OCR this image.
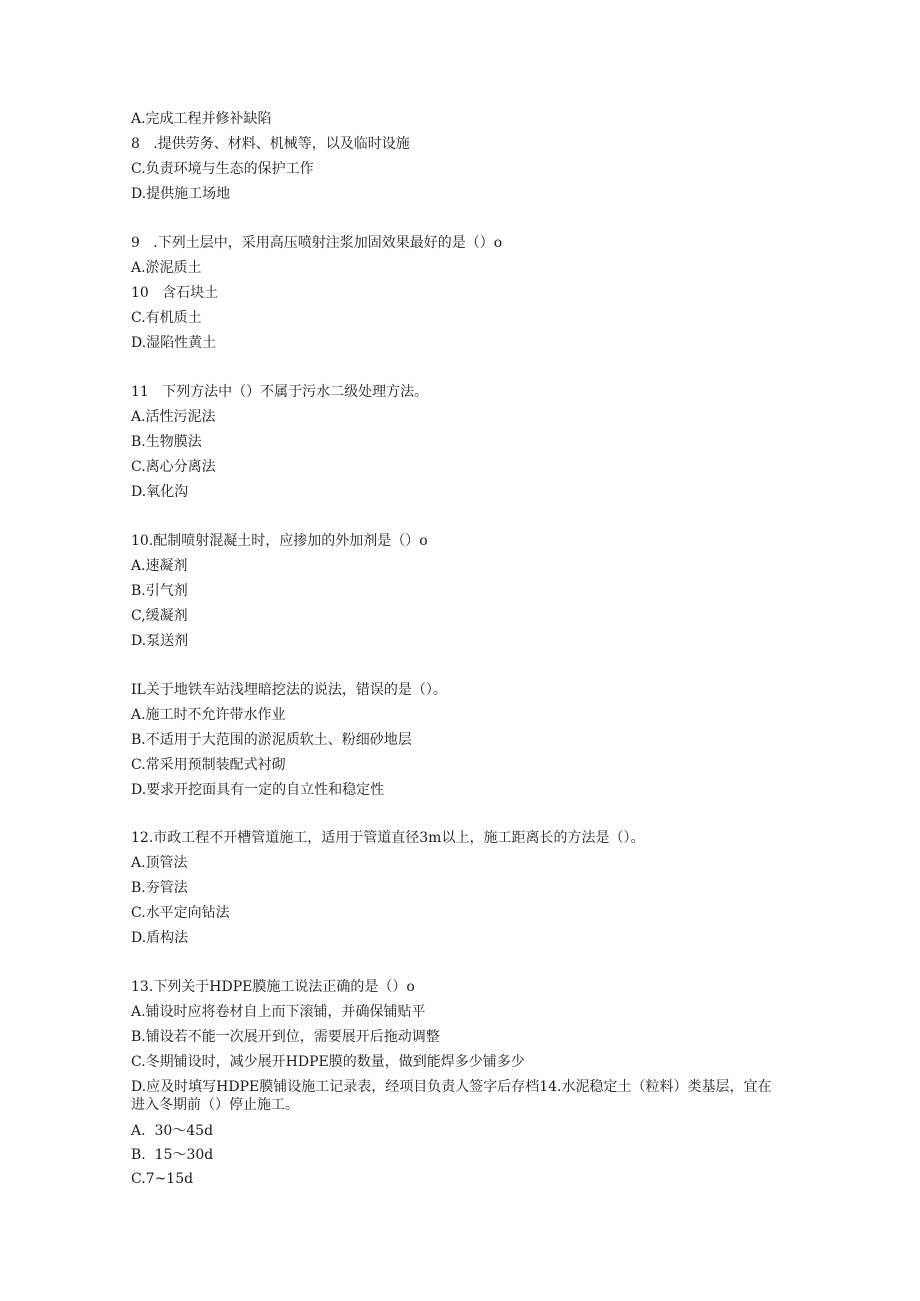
A.完成工程并修补缺陷
8   .提供劳务、材料、机械等，以及临时设施
C.负责环境与生态的保护工作
D.提供施工场地
9   .下列土层中，采用高压喷射注浆加固效果最好的是（）o
A.淤泥质土
10   含石块土
C.有机质土
D.湿陷性黄土
11   下列方法中（）不属于污水二级处理方法。
A.活性污泥法
B.生物膜法
C.离心分离法
D.氧化沟
10.配制喷射混凝土时，应掺加的外加剂是（）o
A.速凝剂
B.引气剂
C,缓凝剂
D.泵送剂
IL关于地铁车站浅埋暗挖法的说法，错误的是（）。
A.施工时不允许带水作业
B.不适用于大范围的淤泥质软土、粉细砂地层
C.常采用预制装配式衬砌
D.要求开挖面具有一定的自立性和稳定性
12.市政工程不开槽管道施工，适用于管道直径3m以上，施工距离长的方法是（）。
A.顶管法
B.夯管法
C.水平定向钻法
D.盾构法
13.下列关于HDPE膜施工说法正确的是（）o
A.铺设时应将卷材自上而下滚铺，并确保铺贴平
B.铺设若不能一次展开到位，需要展开后拖动调整
C.冬期铺设时，减少展开HDPE膜的数量，做到能焊多少铺多少
D.应及时填写HDPE膜铺设施工记录表，经项目负责人签字后存档14.水泥稳定土（粒料）类基层，宜在进入冬期前（）停止施工。
A.  30～45d
B.  15～30d
C.7~15d
